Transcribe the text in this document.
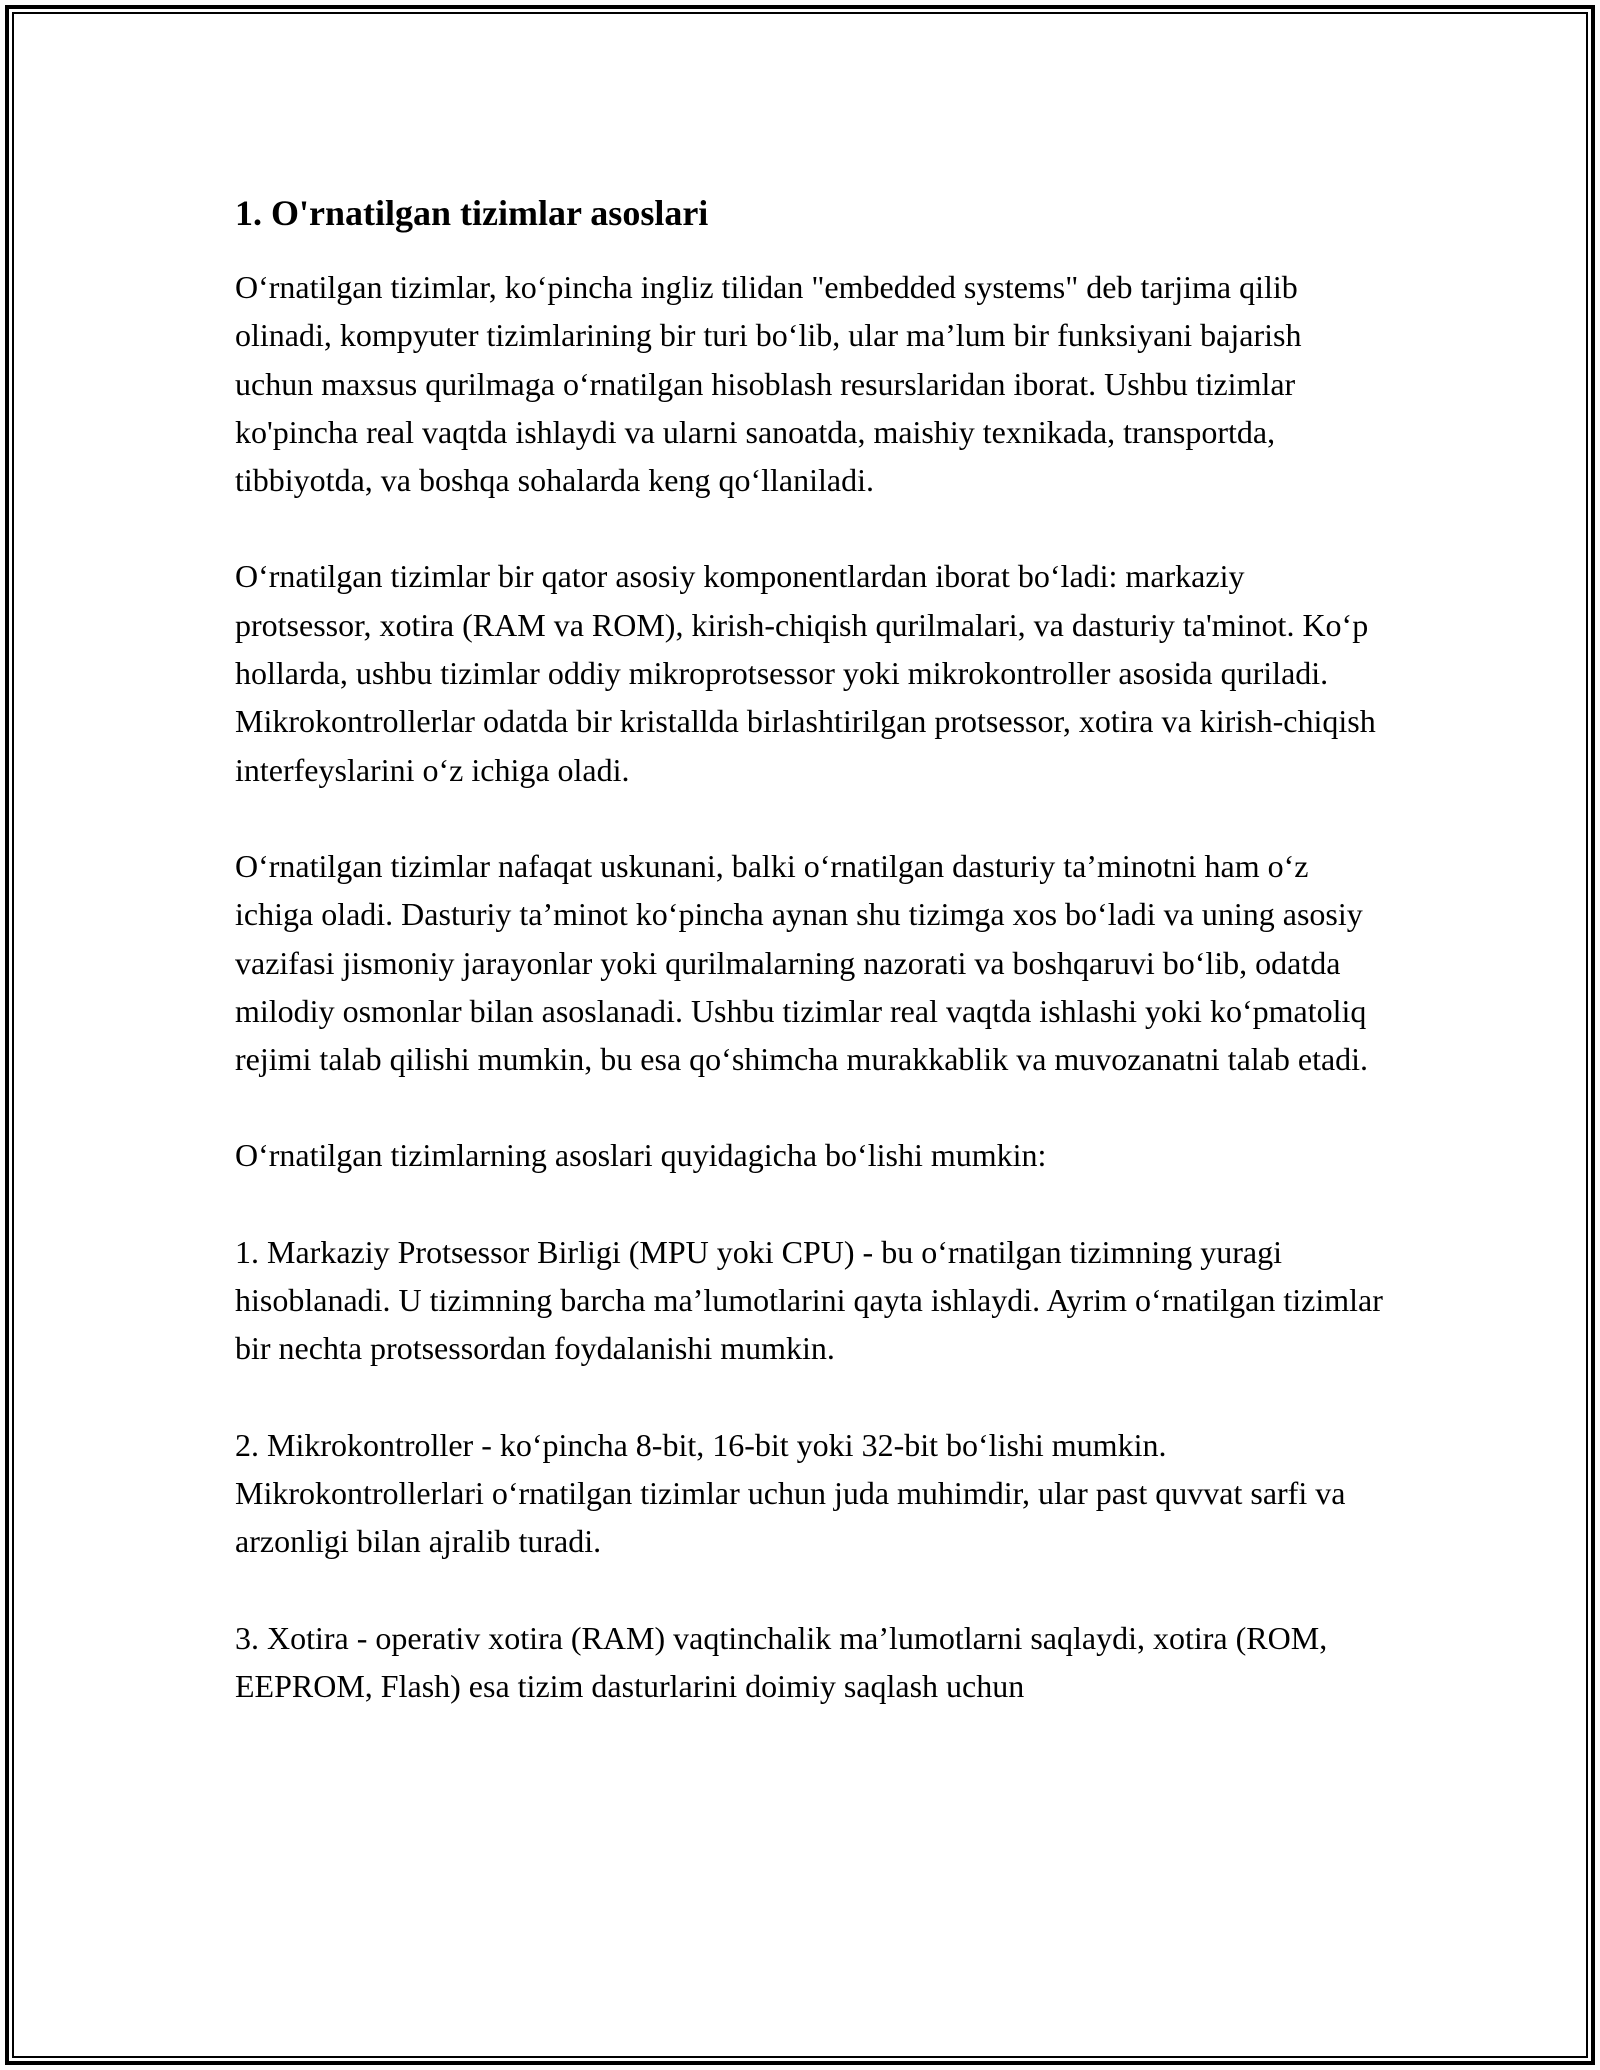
1. O'rnatilgan tizimlar asoslari

O‘rnatilgan tizimlar, ko‘pincha ingliz tilidan "embedded systems" deb tarjima qilib olinadi, kompyuter tizimlarining bir turi bo‘lib, ular ma’lum bir funksiyani bajarish uchun maxsus qurilmaga o‘rnatilgan hisoblash resurslaridan iborat. Ushbu tizimlar ko'pincha real vaqtda ishlaydi va ularni sanoatda, maishiy texnikada, transportda, tibbiyotda, va boshqa sohalarda keng qo‘llaniladi.

O‘rnatilgan tizimlar bir qator asosiy komponentlardan iborat bo‘ladi: markaziy protsessor, xotira (RAM va ROM), kirish-chiqish qurilmalari, va dasturiy ta'minot. Ko‘p hollarda, ushbu tizimlar oddiy mikroprotsessor yoki mikrokontroller asosida quriladi. Mikrokontrollerlar odatda bir kristallda birlashtirilgan protsessor, xotira va kirish-chiqish interfeyslarini o‘z ichiga oladi.

O‘rnatilgan tizimlar nafaqat uskunani, balki o‘rnatilgan dasturiy ta’minotni ham o‘z ichiga oladi. Dasturiy ta’minot ko‘pincha aynan shu tizimga xos bo‘ladi va uning asosiy vazifasi jismoniy jarayonlar yoki qurilmalarning nazorati va boshqaruvi bo‘lib, odatda milodiy osmonlar bilan asoslanadi. Ushbu tizimlar real vaqtda ishlashi yoki ko‘pmatoliq rejimi talab qilishi mumkin, bu esa qo‘shimcha murakkablik va muvozanatni talab etadi.

O‘rnatilgan tizimlarning asoslari quyidagicha bo‘lishi mumkin:

1. Markaziy Protsessor Birligi (MPU yoki CPU) - bu o‘rnatilgan tizimning yuragi hisoblanadi. U tizimning barcha ma’lumotlarini qayta ishlaydi. Ayrim o‘rnatilgan tizimlar bir nechta protsessordan foydalanishi mumkin.

2. Mikrokontroller - ko‘pincha 8-bit, 16-bit yoki 32-bit bo‘lishi mumkin. Mikrokontrollerlari o‘rnatilgan tizimlar uchun juda muhimdir, ular past quvvat sarfi va arzonligi bilan ajralib turadi.

3. Xotira - operativ xotira (RAM) vaqtinchalik ma’lumotlarni saqlaydi, xotira (ROM, EEPROM, Flash) esa tizim dasturlarini doimiy saqlash uchun
